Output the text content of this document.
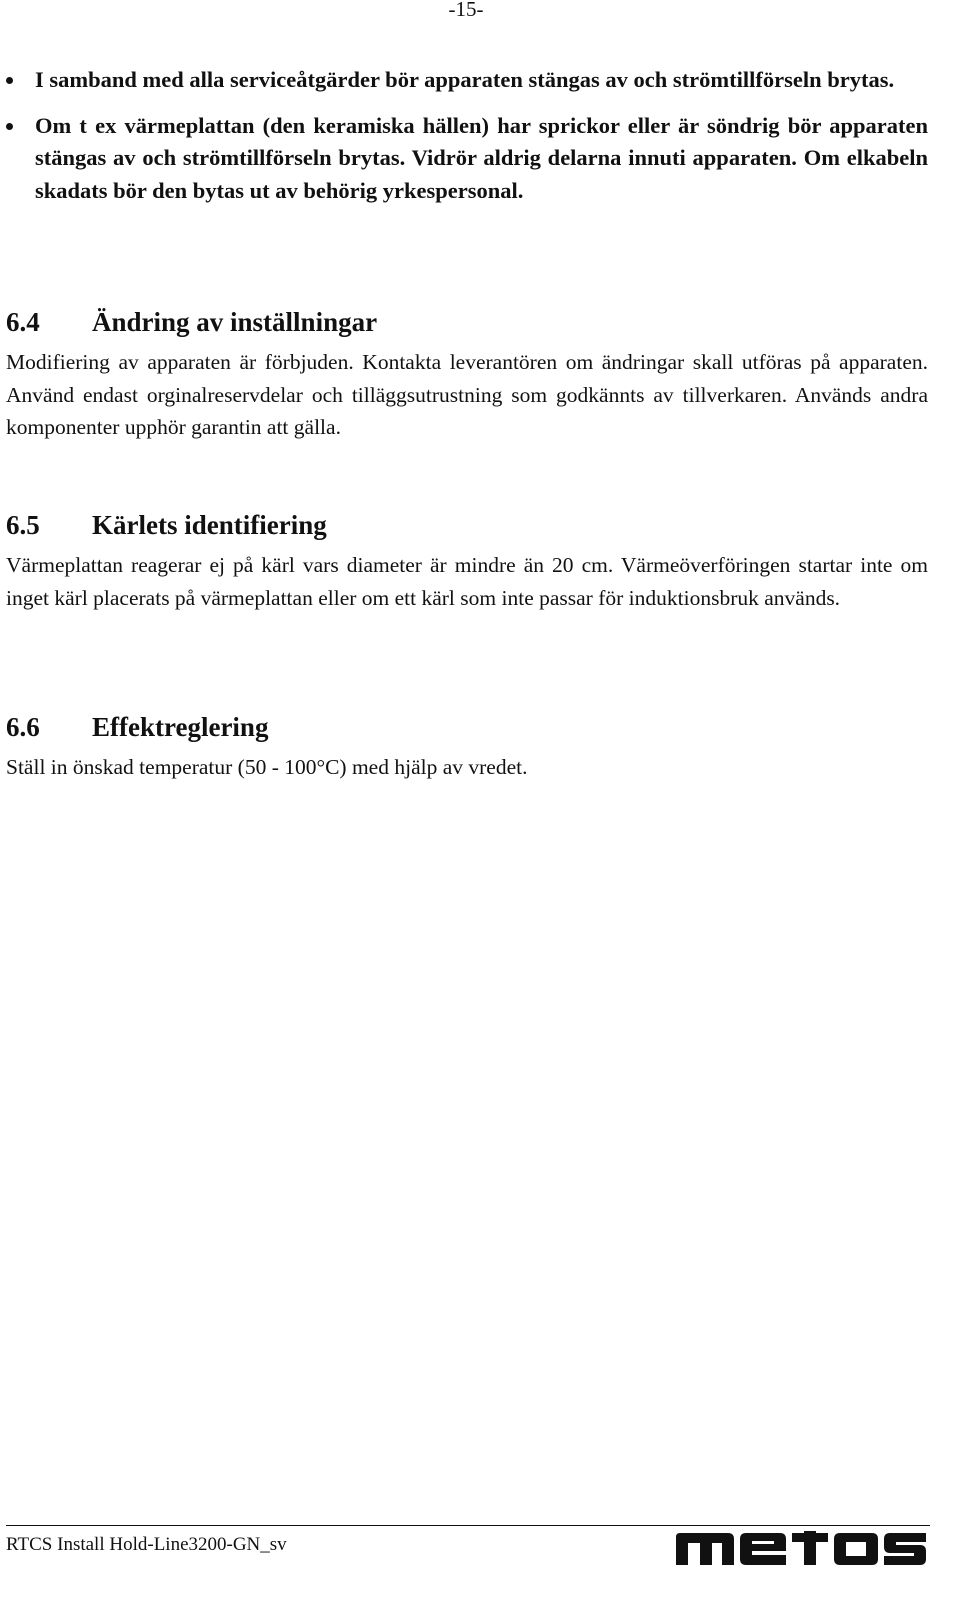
-15-
I samband med alla serviceåtgärder bör apparaten stängas av och strömtillförseln brytas.
Om t ex värmeplattan (den keramiska hällen) har sprickor eller är söndrig bör apparaten stängas av och strömtillförseln brytas. Vidrör aldrig delarna innuti apparaten. Om elkabeln skadats bör den bytas ut av behörig yrkespersonal.
6.4	Ändring av inställningar

Modifiering av apparaten är förbjuden. Kontakta leverantören om ändringar skall utföras på apparaten. Använd endast orginalreservdelar och tilläggsutrustning som godkännts av tillverkaren. Används andra komponenter upphör garantin att gälla.

6.5	Kärlets identifiering

Värmeplattan reagerar ej på kärl vars diameter är mindre än 20 cm. Värmeöverföringen startar inte om inget kärl placerats på värmeplattan eller om ett kärl som inte passar för induktionsbruk används.

6.6	Effektreglering

Ställ in önskad temperatur (50 - 100°C) med hjälp av vredet.

RTCS Install Hold-Line3200-GN_sv
